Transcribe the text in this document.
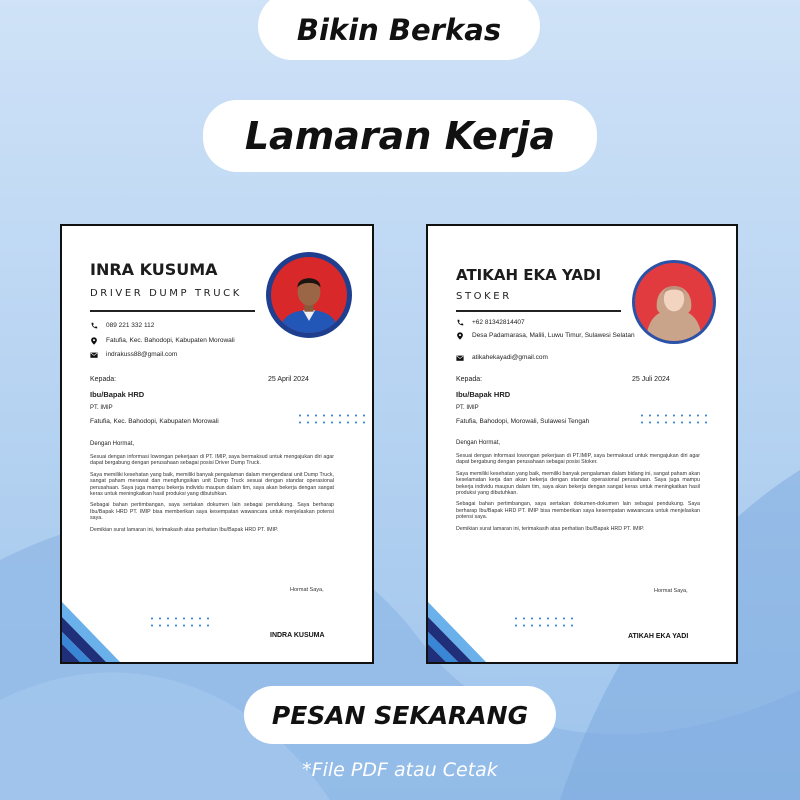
Bikin Berkas
Lamaran Kerja
INRA KUSUMA
DRIVER DUMP TRUCK
089 221 332 112
Fatufia, Kec. Bahodopi, Kabupaten Morowali
indrakuss88@gmail.com
Kepada:	25 April 2024
Ibu/Bapak HRD
PT. IMIP
Fatufia, Kec. Bahodopi, Kabupaten Morowali
Dengan Hormat,

Sesuai dengan informasi lowongan pekerjaan di PT. IMIP, saya bermaksud untuk mengajukan diri agar dapat bergabung dengan perusahaan sebagai posisi Driver Dump Truck.

Saya memiliki kesehatan yang baik, memiliki banyak pengalaman dalam mengendarai unit Dump Truck, sangat paham merawat dan mengfungsikan unit Dump Truck sesuai dengan standar operasional perusahaan. Saya juga mampu bekerja individu maupun dalam tim, saya akan bekerja dengan sangat keras untuk meningkatkan hasil produksi yang dibutuhkan.

Sebagai bahan pertimbangan, saya sertakan dokumen lain sebagai pendukung. Saya berharap Ibu/Bapak HRD PT. IMIP bisa memberikan saya kesempatan wawancara untuk menjelaskan potensi saya.

Demikian surat lamaran ini, terimakasih atas perhatian Ibu/Bapak HRD PT. IMIP.

Hormat Saya,
INDRA KUSUMA
ATIKAH EKA YADI
STOKER
+62 81342814407
Desa Padamarasa, Malili, Luwu Timur, Sulawesi Selatan
atikahekayadi@gmail.com
Kepada:	25 Juli 2024
Ibu/Bapak HRD
PT. IMIP
Fatufia, Bahodopi, Morowali, Sulawesi Tengah
Dengan Hormat,

Sesuai dengan informasi lowongan pekerjaan di PT.IMIP, saya bermaksud untuk mengajukan diri agar dapat bergabung dengan perusahaan sebagai posisi Stoker.

Saya memiliki kesehatan yang baik, memiliki banyak pengalaman dalam bidang ini, sangat paham akan keselamatan kerja dan akan bekerja dengan standar operasional perusahaan. Saya juga mampu bekerja individu maupun dalam tim, saya akan bekerja dengan sangat keras untuk meningkatkan hasil produksi yang dibutuhkan.

Sebagai bahan pertimbangan, saya sertakan dokumen-dokumen lain sebagai pendukung. Saya berharap Ibu/Bapak HRD PT. IMIP bisa memberikan saya kesempatan wawancara untuk menjelaskan potensi saya.

Demikian surat lamaran ini, terimakasih atas perhatian Ibu/Bapak HRD PT. IMIP.

Hormat Saya,
ATIKAH EKA YADI
PESAN SEKARANG
*File PDF atau Cetak
